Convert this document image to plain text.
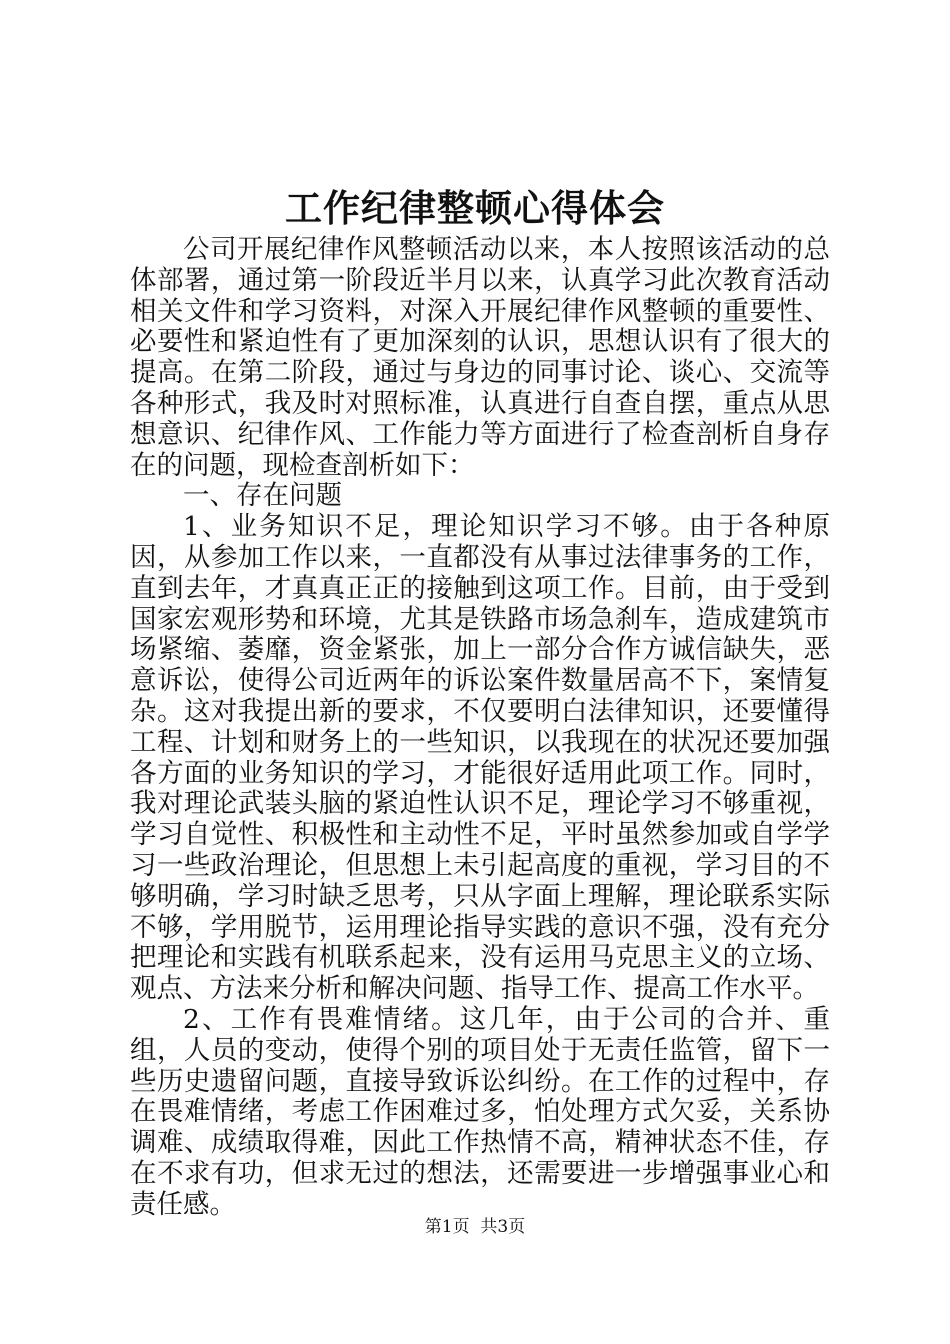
工作纪律整顿心得体会

公司开展纪律作风整顿活动以来，本人按照该活动的总体部署，通过第一阶段近半月以来，认真学习此次教育活动相关文件和学习资料，对深入开展纪律作风整顿的重要性、必要性和紧迫性有了更加深刻的认识，思想认识有了很大的提高。在第二阶段，通过与身边的同事讨论、谈心、交流等各种形式，我及时对照标准，认真进行自查自摆，重点从思想意识、纪律作风、工作能力等方面进行了检查剖析自身存在的问题，现检查剖析如下：

一、存在问题

1、业务知识不足，理论知识学习不够。由于各种原因，从参加工作以来，一直都没有从事过法律事务的工作，直到去年，才真真正正的接触到这项工作。目前，由于受到国家宏观形势和环境，尤其是铁路市场急刹车，造成建筑市场紧缩、萎靡，资金紧张，加上一部分合作方诚信缺失，恶意诉讼，使得公司近两年的诉讼案件数量居高不下，案情复杂。这对我提出新的要求，不仅要明白法律知识，还要懂得工程、计划和财务上的一些知识，以我现在的状况还要加强各方面的业务知识的学习，才能很好适用此项工作。同时，我对理论武装头脑的紧迫性认识不足，理论学习不够重视，学习自觉性、积极性和主动性不足，平时虽然参加或自学学习一些政治理论，但思想上未引起高度的重视，学习目的不够明确，学习时缺乏思考，只从字面上理解，理论联系实际不够，学用脱节，运用理论指导实践的意识不强，没有充分把理论和实践有机联系起来，没有运用马克思主义的立场、观点、方法来分析和解决问题、指导工作、提高工作水平。

2、工作有畏难情绪。这几年，由于公司的合并、重组，人员的变动，使得个别的项目处于无责任监管，留下一些历史遗留问题，直接导致诉讼纠纷。在工作的过程中，存在畏难情绪，考虑工作困难过多，怕处理方式欠妥，关系协调难、成绩取得难，因此工作热情不高，精神状态不佳，存在不求有功，但求无过的想法，还需要进一步增强事业心和责任感。

第1页  共3页
